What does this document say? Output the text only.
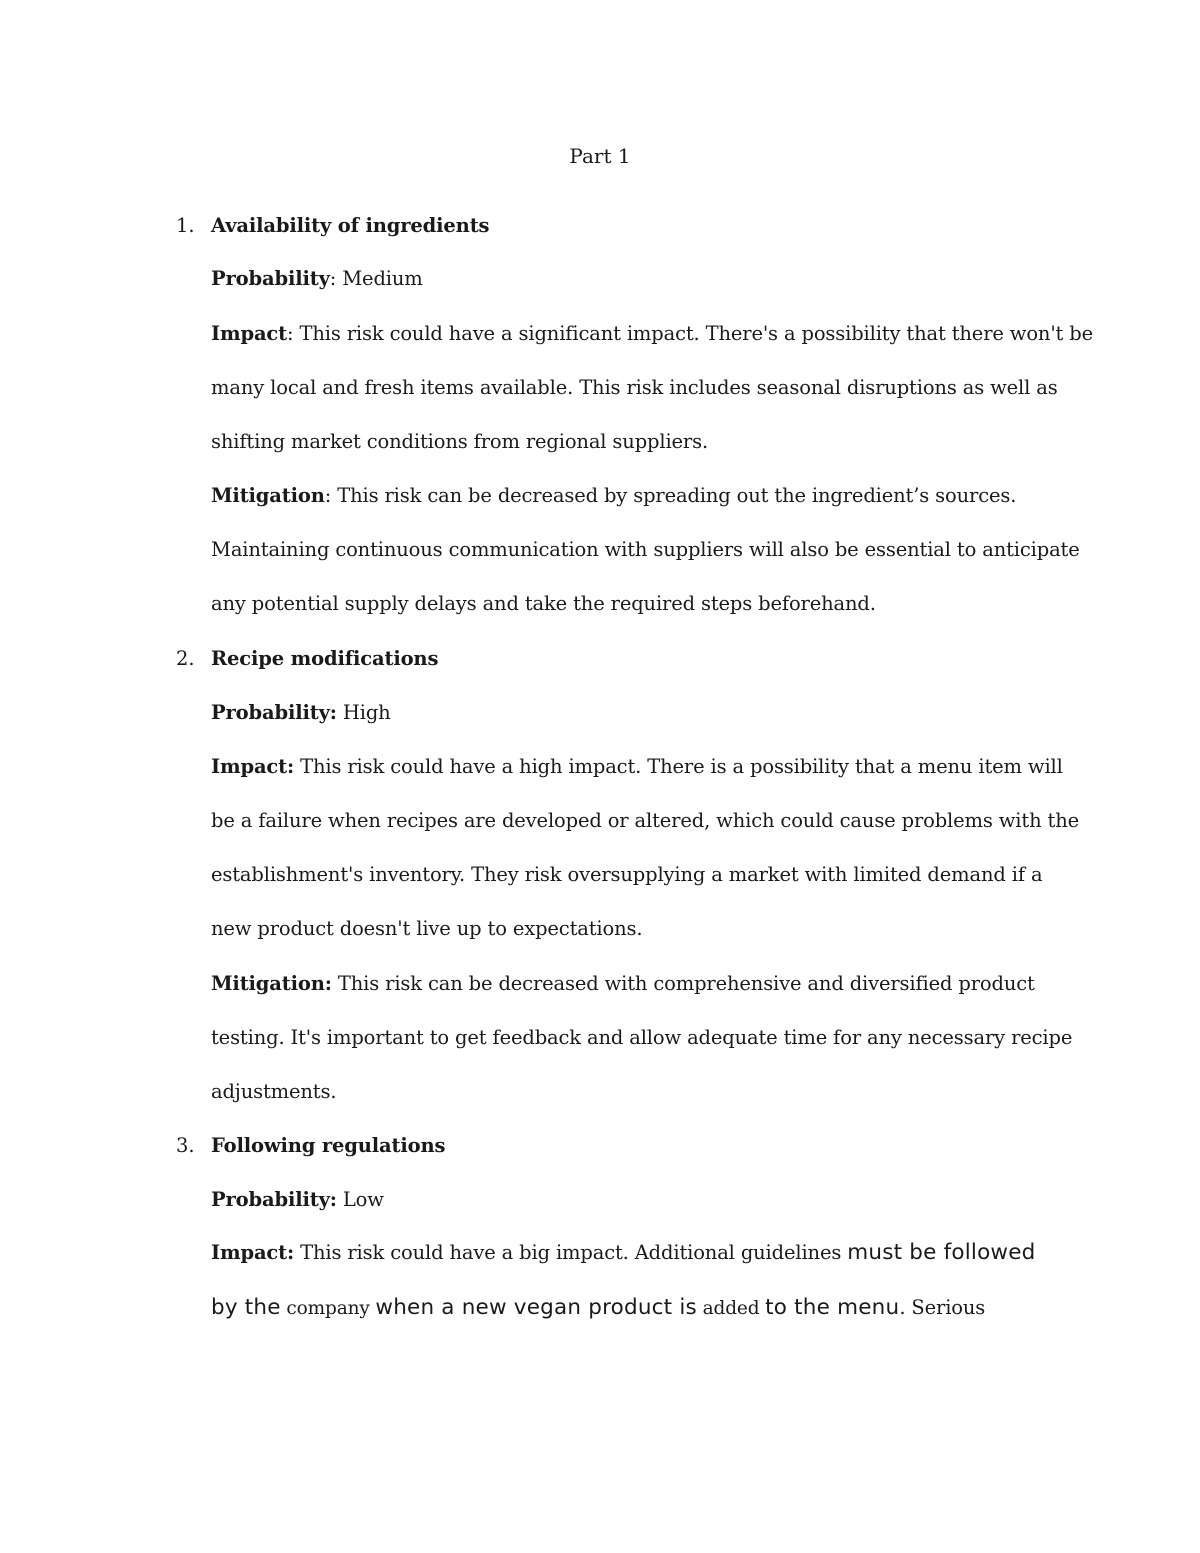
Part 1
1. Availability of ingredients
Probability: Medium
Impact: This risk could have a significant impact. There's a possibility that there won't be
many local and fresh items available. This risk includes seasonal disruptions as well as
shifting market conditions from regional suppliers.
Mitigation: This risk can be decreased by spreading out the ingredient’s sources.
Maintaining continuous communication with suppliers will also be essential to anticipate
any potential supply delays and take the required steps beforehand.
2. Recipe modifications
Probability: High
Impact: This risk could have a high impact. There is a possibility that a menu item will
be a failure when recipes are developed or altered, which could cause problems with the
establishment's inventory. They risk oversupplying a market with limited demand if a
new product doesn't live up to expectations.
Mitigation: This risk can be decreased with comprehensive and diversified product
testing. It's important to get feedback and allow adequate time for any necessary recipe
adjustments.
3. Following regulations
Probability: Low
Impact: This risk could have a big impact. Additional guidelines must be followed
by the company when a new vegan product is added to the menu. Serious
